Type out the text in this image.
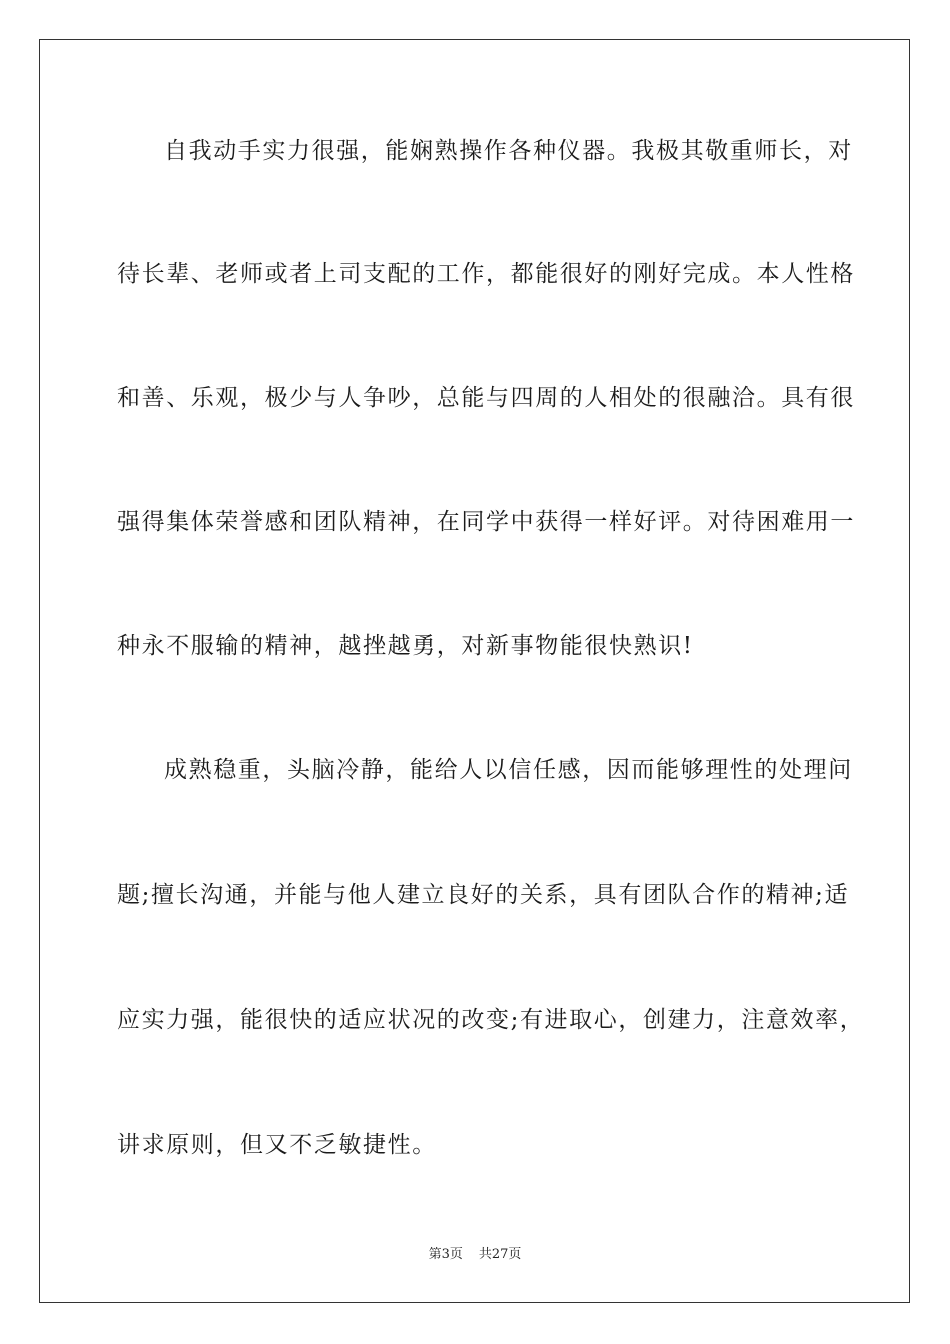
自我动手实力很强，能娴熟操作各种仪器。我极其敬重师长，对
待长辈、老师或者上司支配的工作，都能很好的刚好完成。本人性格
和善、乐观，极少与人争吵，总能与四周的人相处的很融洽。具有很
强得集体荣誉感和团队精神，在同学中获得一样好评。对待困难用一
种永不服输的精神，越挫越勇，对新事物能很快熟识!
成熟稳重，头脑冷静，能给人以信任感，因而能够理性的处理问
题;擅长沟通，并能与他人建立良好的关系，具有团队合作的精神;适
应实力强，能很快的适应状况的改变;有进取心，创建力，注意效率，
讲求原则，但又不乏敏捷性。
第3页 共27页
